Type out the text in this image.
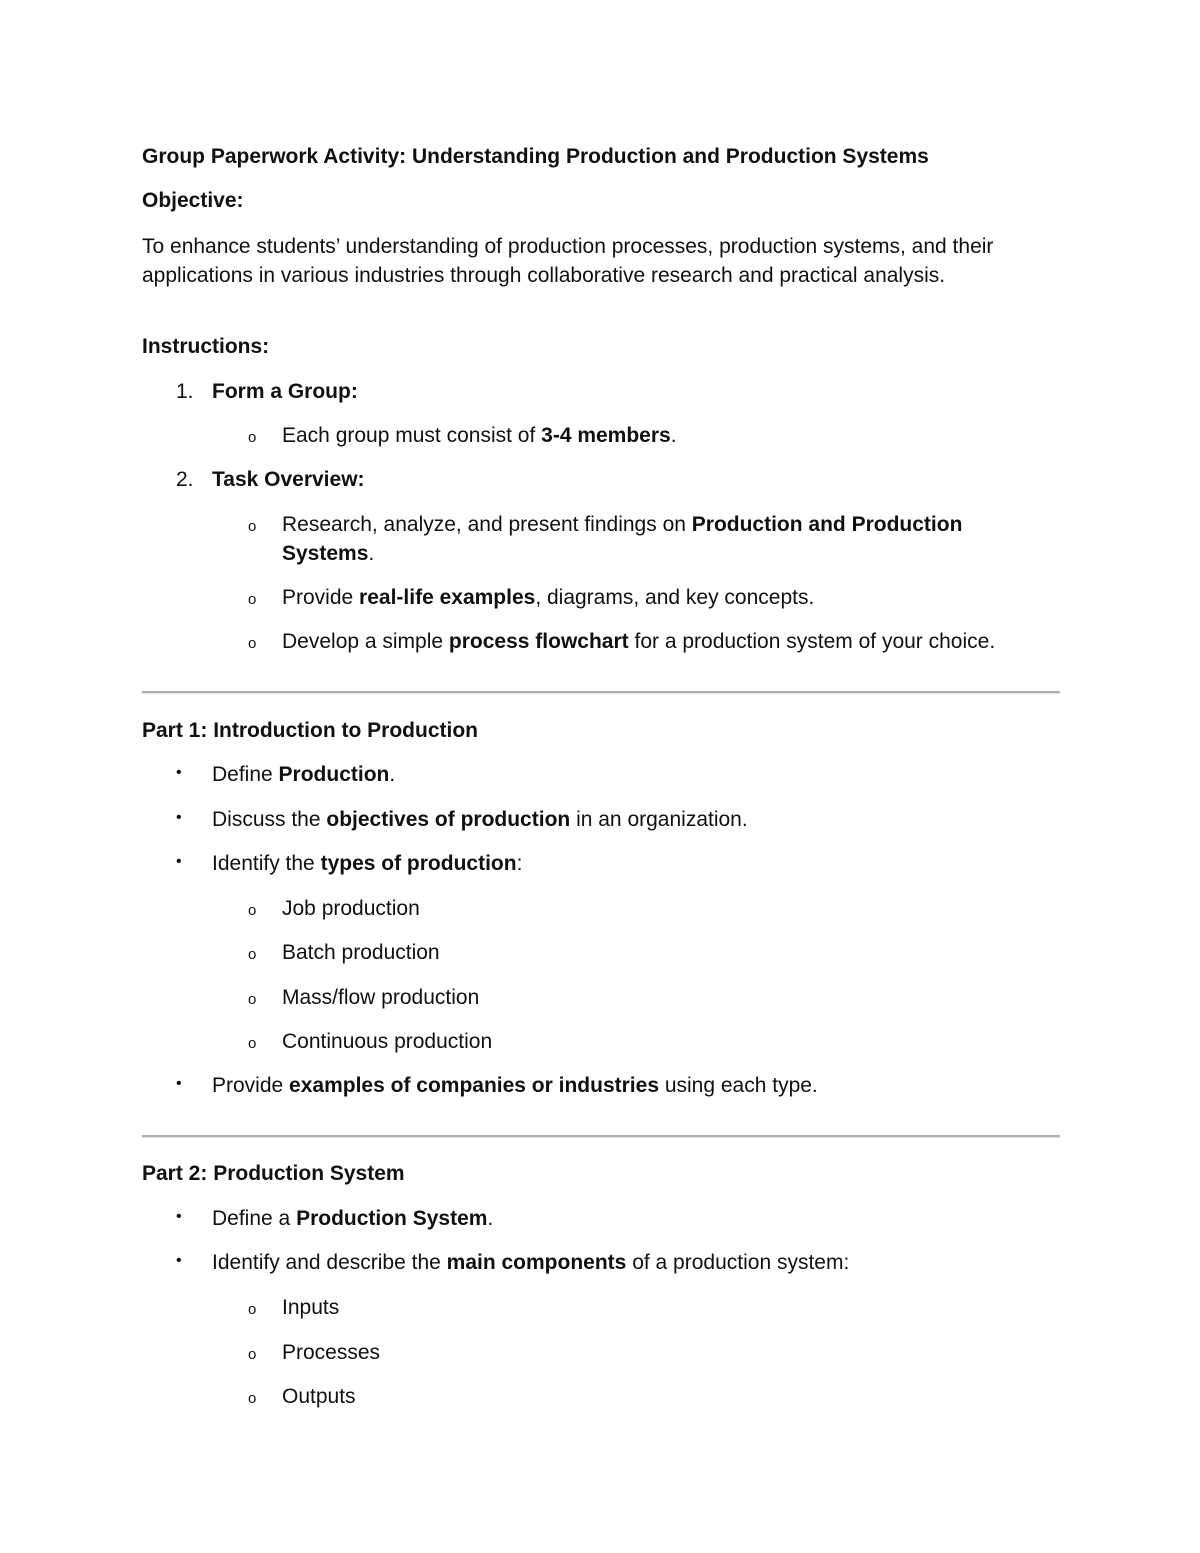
Group Paperwork Activity: Understanding Production and Production Systems
Objective:
To enhance students’ understanding of production processes, production systems, and their applications in various industries through collaborative research and practical analysis.
Instructions:
1. Form a Group:
o Each group must consist of 3-4 members.
2. Task Overview:
o Research, analyze, and present findings on Production and Production Systems.
o Provide real-life examples, diagrams, and key concepts.
o Develop a simple process flowchart for a production system of your choice.
Part 1: Introduction to Production
• Define Production.
• Discuss the objectives of production in an organization.
• Identify the types of production:
o Job production
o Batch production
o Mass/flow production
o Continuous production
• Provide examples of companies or industries using each type.
Part 2: Production System
• Define a Production System.
• Identify and describe the main components of a production system:
o Inputs
o Processes
o Outputs
